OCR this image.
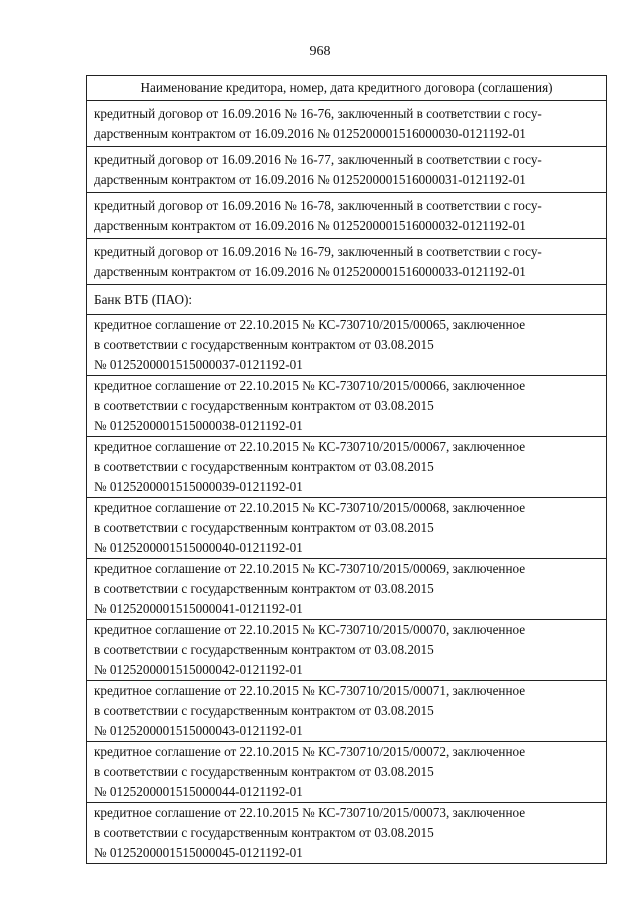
968
Наименование кредитора, номер, дата кредитного договора (соглашения)

кредитный договор от 16.09.2016 № 16-76, заключенный в соответствии с госу-
дарственным контрактом от 16.09.2016 № 0125200001516000030-0121192-01

кредитный договор от 16.09.2016 № 16-77, заключенный в соответствии с госу-
дарственным контрактом от 16.09.2016 № 0125200001516000031-0121192-01

кредитный договор от 16.09.2016 № 16-78, заключенный в соответствии с госу-
дарственным контрактом от 16.09.2016 № 0125200001516000032-0121192-01

кредитный договор от 16.09.2016 № 16-79, заключенный в соответствии с госу-
дарственным контрактом от 16.09.2016 № 0125200001516000033-0121192-01

Банк ВТБ (ПАО):

кредитное соглашение от 22.10.2015 № КС-730710/2015/00065, заключенное
в соответствии с государственным контрактом от 03.08.2015
№ 0125200001515000037-0121192-01

кредитное соглашение от 22.10.2015 № КС-730710/2015/00066, заключенное
в соответствии с государственным контрактом от 03.08.2015
№ 0125200001515000038-0121192-01

кредитное соглашение от 22.10.2015 № КС-730710/2015/00067, заключенное
в соответствии с государственным контрактом от 03.08.2015
№ 0125200001515000039-0121192-01

кредитное соглашение от 22.10.2015 № КС-730710/2015/00068, заключенное
в соответствии с государственным контрактом от 03.08.2015
№ 0125200001515000040-0121192-01

кредитное соглашение от 22.10.2015 № КС-730710/2015/00069, заключенное
в соответствии с государственным контрактом от 03.08.2015
№ 0125200001515000041-0121192-01

кредитное соглашение от 22.10.2015 № КС-730710/2015/00070, заключенное
в соответствии с государственным контрактом от 03.08.2015
№ 0125200001515000042-0121192-01

кредитное соглашение от 22.10.2015 № КС-730710/2015/00071, заключенное
в соответствии с государственным контрактом от 03.08.2015
№ 0125200001515000043-0121192-01

кредитное соглашение от 22.10.2015 № КС-730710/2015/00072, заключенное
в соответствии с государственным контрактом от 03.08.2015
№ 0125200001515000044-0121192-01

кредитное соглашение от 22.10.2015 № КС-730710/2015/00073, заключенное
в соответствии с государственным контрактом от 03.08.2015
№ 0125200001515000045-0121192-01
